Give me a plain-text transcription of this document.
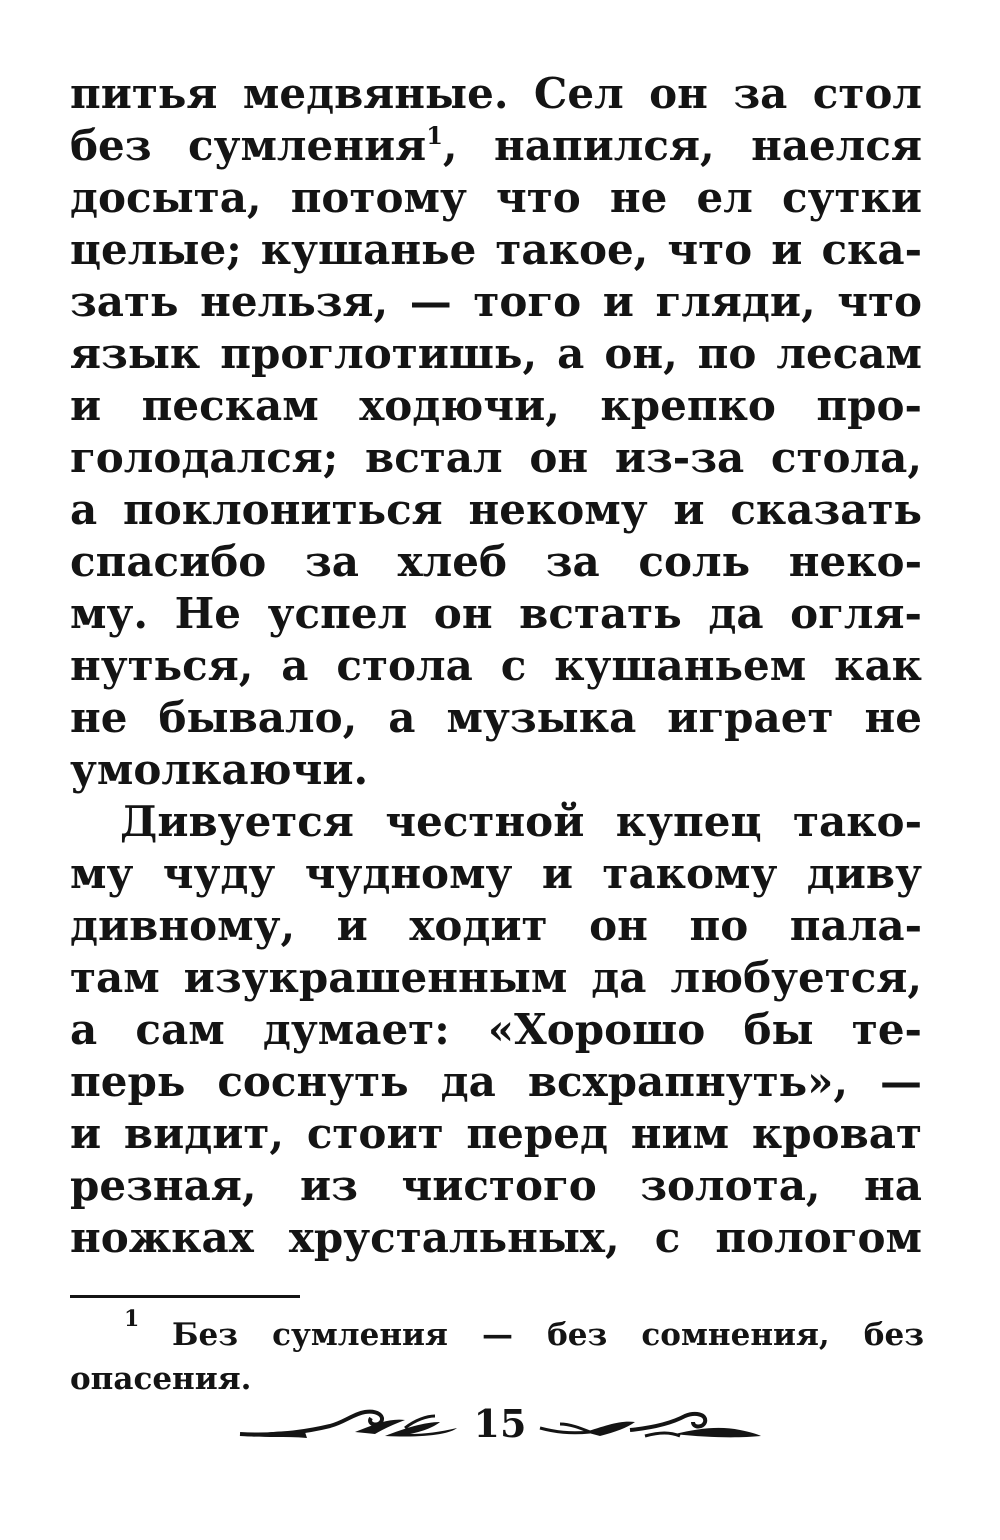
питья медвяные. Сел он за стол
без сумления$^1$, напился, наелся
досыта, потому что не ел сутки
целые; кушанье такое, что и ска-
зать нельзя, — того и гляди, что
язык проглотишь, а он, по лесам
и пескам ходючи, крепко про-
голодался; встал он из-за стола,
а поклониться некому и сказать
спасибо за хлеб за соль неко-
му. Не успел он встать да огля-
нуться, а стола с кушаньем как
не бывало, а музыка играет не
умолкаючи.
Дивуется честной купец тако-
му чуду чудному и такому диву
дивному, и ходит он по пала-
там изукрашенным да любуется,
а сам думает: «Хорошо бы те-
перь соснуть да всхрапнуть», —
и видит, стоит перед ним кроват
резная, из чистого золота, на
ножках хрустальных, с пологом
1 Без сумления — без сомнения, без
опасения.
15
